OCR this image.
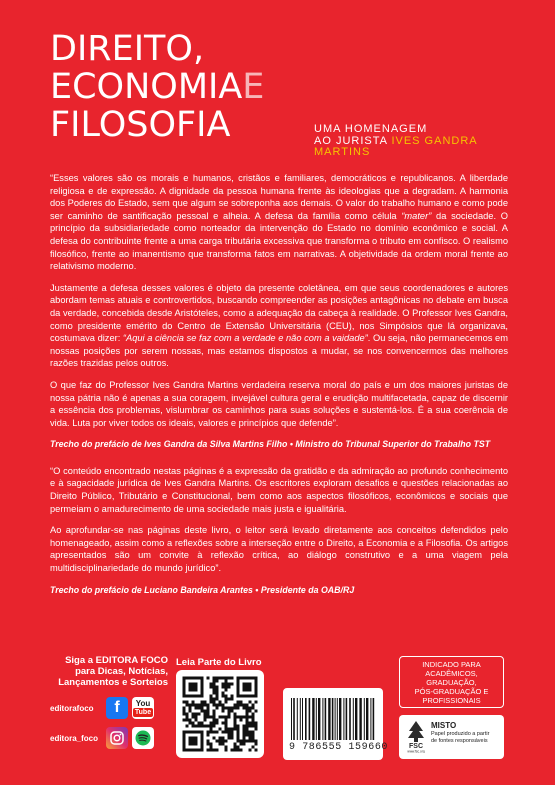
DIREITO,
ECONOMIAE
FILOSOFIA	UMA HOMENAGEM
AO JURISTA IVES GANDRA
MARTINS

“Esses valores são os morais e humanos, cristãos e familiares, democráticos e republicanos. A liberdade religiosa e de expressão. A dignidade da pessoa humana frente às ideologias que a degradam. A harmonia dos Poderes do Estado, sem que algum se sobreponha aos demais. O valor do trabalho humano e como pode ser caminho de santificação pessoal e alheia. A defesa da família como célula “mater” da sociedade. O princípio da subsidiariedade como norteador da intervenção do Estado no domínio econômico e social. A defesa do contribuinte frente a uma carga tributária excessiva que transforma o tributo em confisco. O realismo filosófico, frente ao imanentismo que transforma fatos em narrativas. A objetividade da ordem moral frente ao relativismo moderno.

Justamente a defesa desses valores é objeto da presente coletânea, em que seus coordenadores e autores abordam temas atuais e controvertidos, buscando compreender as posições antagônicas no debate em busca da verdade, concebida desde Aristóteles, como a adequação da cabeça à realidade. O Professor Ives Gandra, como presidente emérito do Centro de Extensão Universitária (CEU), nos Simpósios que lá organizava, costumava dizer: “Aqui a ciência se faz com a verdade e não com a vaidade”. Ou seja, não permanecemos em nossas posições por serem nossas, mas estamos dispostos a mudar, se nos convencermos das melhores razões trazidas pelos outros.

O que faz do Professor Ives Gandra Martins verdadeira reserva moral do país e um dos maiores juristas de nossa pátria não é apenas a sua coragem, invejável cultura geral e erudição multifacetada, capaz de discernir a essência dos problemas, vislumbrar os caminhos para suas soluções e sustentá-los. É a sua coerência de vida. Luta por viver todos os ideais, valores e princípios que defende”.

Trecho do prefácio de Ives Gandra da Silva Martins Filho • Ministro do Tribunal Superior do Trabalho TST

“O conteúdo encontrado nestas páginas é a expressão da gratidão e da admiração ao profundo conhecimento e à sagacidade jurídica de Ives Gandra Martins. Os escritores exploram desafios e questões relacionadas ao Direito Público, Tributário e Constitucional, bem como aos aspectos filosóficos, econômicos e sociais que permeiam o amadurecimento de uma sociedade mais justa e igualitária.

Ao aprofundar-se nas páginas deste livro, o leitor será levado diretamente aos conceitos defendidos pelo homenageado, assim como a reflexões sobre a interseção entre o Direito, a Economia e a Filosofia. Os artigos apresentados são um convite à reflexão crítica, ao diálogo construtivo e a uma viagem pela multidisciplinariedade do mundo jurídico”.

Trecho do prefácio de Luciano Bandeira Arantes • Presidente da OAB/RJ

Siga a EDITORA FOCO
para Dicas, Notícias,
Lançamentos e Sorteios
editorafoco	f	You
Tube
editora_foco
Leia Parte do Livro
9 786555 159660
INDICADO PARA
ACADÊMICOS,
GRADUAÇÃO,
PÓS-GRADUAÇÃO E
PROFISSIONAIS
FSC
www.fsc.org
MISTO
Papel produzido a partir
de fontes responsáveis
